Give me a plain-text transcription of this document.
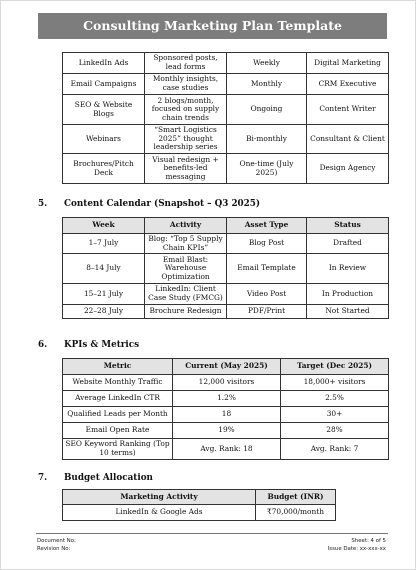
Consulting Marketing Plan Template
LinkedIn Ads	Sponsored posts, lead forms	Weekly	Digital Marketing
Email Campaigns	Monthly insights, case studies	Monthly	CRM Executive
SEO & Website Blogs	2 blogs/month, focused on supply chain trends	Ongoing	Content Writer
Webinars	“Smart Logistics 2025” thought leadership series	Bi-monthly	Consultant & Client
Brochures/Pitch Deck	Visual redesign + benefits-led messaging	One-time (July 2025)	Design Agency
5. Content Calendar (Snapshot – Q3 2025)
Week	Activity	Asset Type	Status
1–7 July	Blog: “Top 5 Supply Chain KPIs”	Blog Post	Drafted
8–14 July	Email Blast: Warehouse Optimization	Email Template	In Review
15–21 July	LinkedIn: Client Case Study (FMCG)	Video Post	In Production
22–28 July	Brochure Redesign	PDF/Print	Not Started
6. KPIs & Metrics
Metric	Current (May 2025)	Target (Dec 2025)
Website Monthly Traffic	12,000 visitors	18,000+ visitors
Average LinkedIn CTR	1.2%	2.5%
Qualified Leads per Month	18	30+
Email Open Rate	19%	28%
SEO Keyword Ranking (Top 10 terms)	Avg. Rank: 18	Avg. Rank: 7
7. Budget Allocation
Marketing Activity	Budget (INR)
LinkedIn & Google Ads	₹70,000/month
Document No:
Revision No:
Sheet: 4 of 5
Issue Date: xx-xxx-xx
